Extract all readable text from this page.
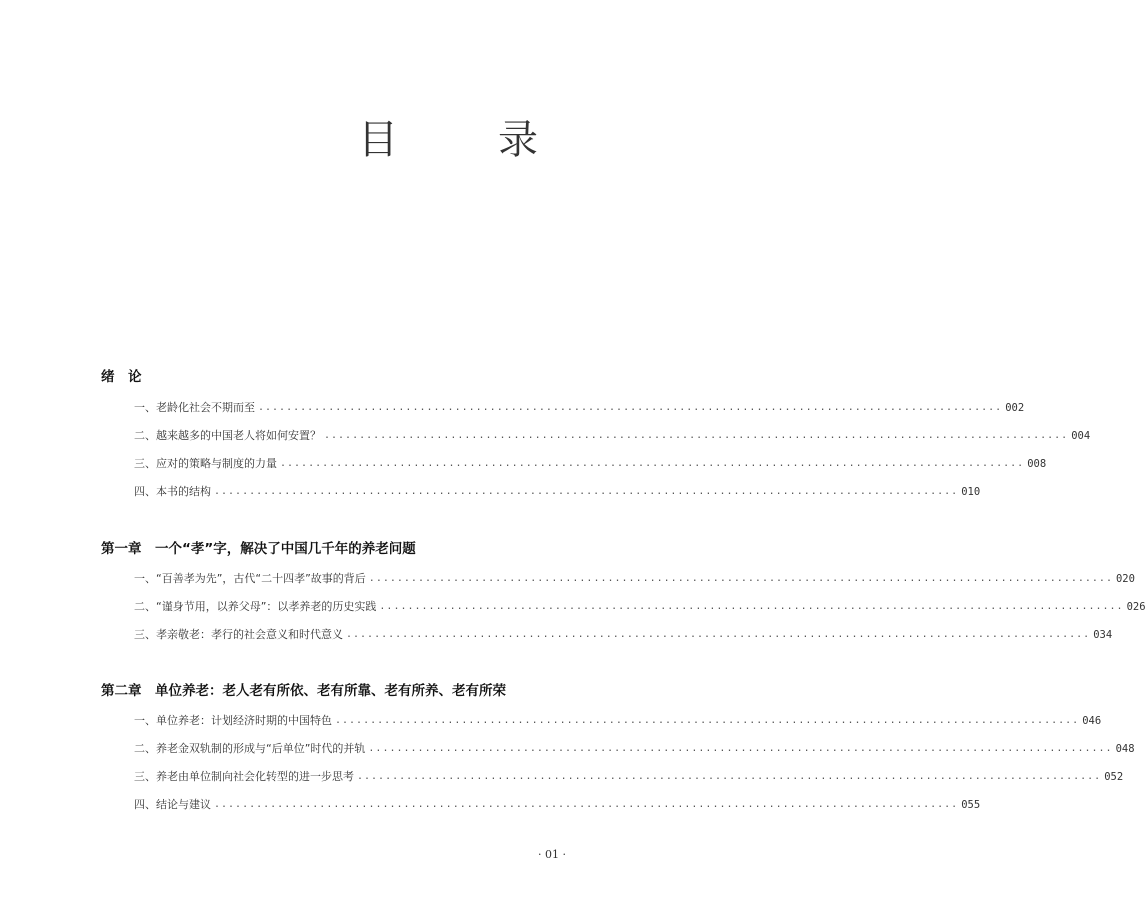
目　录
绪　论
一、老龄化社会不期而至 .......................................................................................................... 002
二、越来越多的中国老人将如何安置？ .......................................................................................................... 004
三、应对的策略与制度的力量 .......................................................................................................... 008
四、本书的结构 .......................................................................................................... 010
第一章　一个“孝”字，解决了中国几千年的养老问题
一、“百善孝为先”，古代“二十四孝”故事的背后 .......................................................................................................... 020
二、“谨身节用，以养父母”：以孝养老的历史实践 .......................................................................................................... 026
三、孝亲敬老：孝行的社会意义和时代意义 .......................................................................................................... 034
第二章　单位养老：老人老有所依、老有所靠、老有所养、老有所荣
一、单位养老：计划经济时期的中国特色 .......................................................................................................... 046
二、养老金双轨制的形成与“后单位”时代的并轨 .......................................................................................................... 048
三、养老由单位制向社会化转型的进一步思考 .......................................................................................................... 052
四、结论与建议 .......................................................................................................... 055
· 01 ·
